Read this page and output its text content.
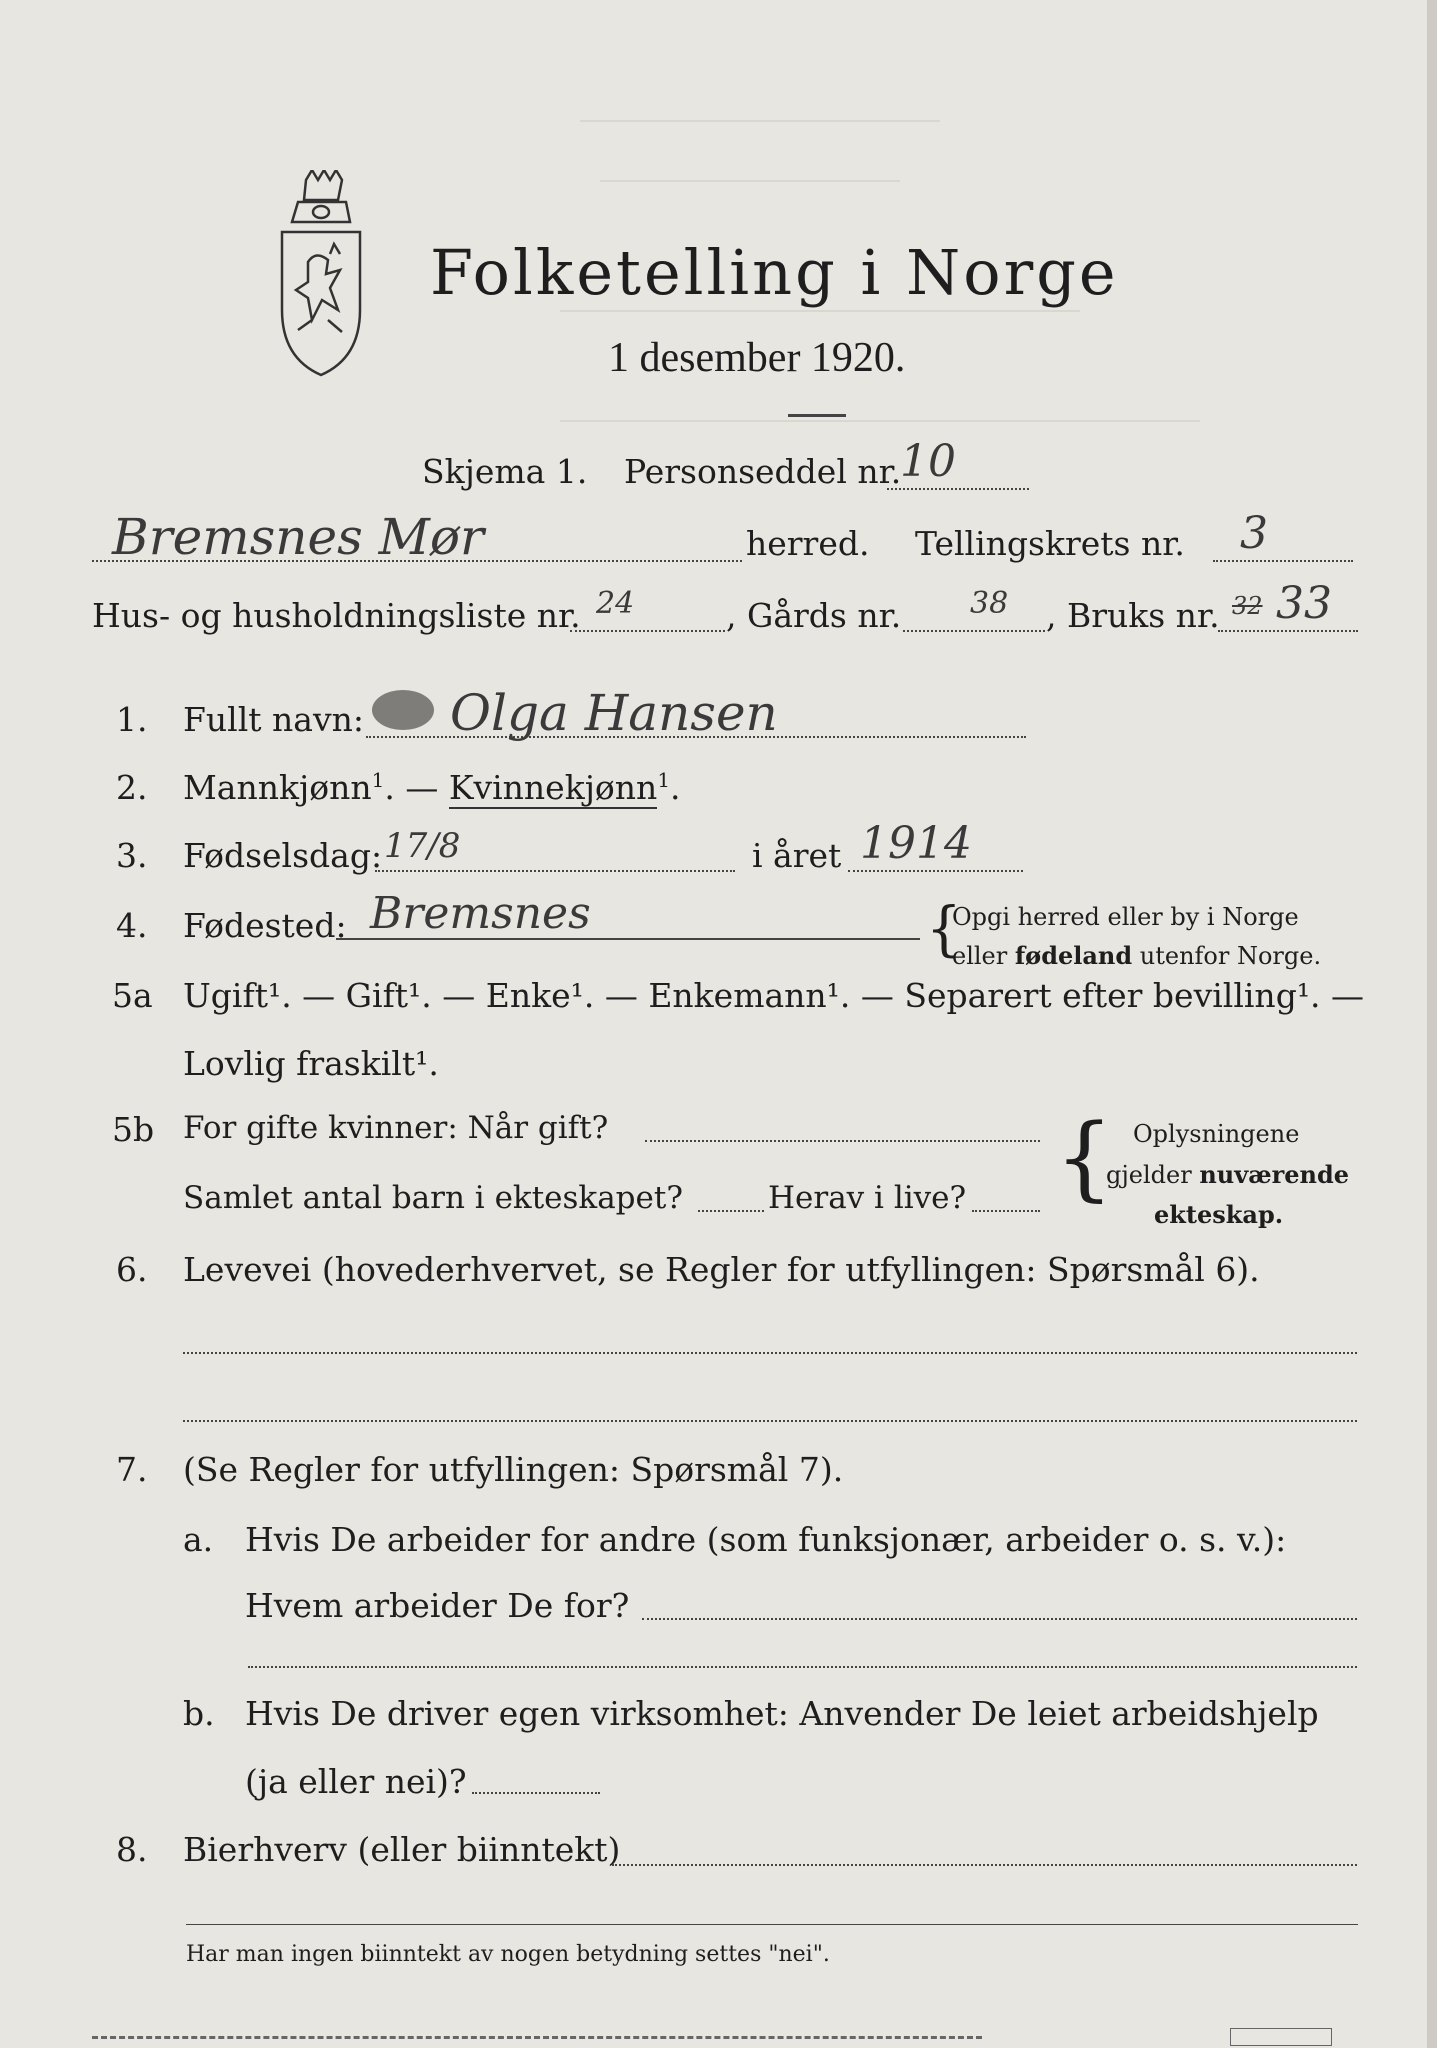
Folketelling i Norge
1 desember 1920.
Skjema 1. Personseddel nr.
10
Bremsnes Mør	herred. Tellingskrets nr. 3
Hus- og husholdningsliste nr. 24	, Gårds nr. 38 , Bruks nr. 32 33
1. Fullt navn: Olga Hansen
2. Mannkjønn$^1$. — Kvinnekjønn$^1$.
3. Fødselsdag: 17/8	i året 1914
4. Fødested: Bremsnes	{
Opgi herred eller by i Norge
eller fødeland utenfor Norge.
5a Ugift¹. — Gift¹. — Enke¹. — Enkemann¹. — Separert efter bevilling¹. —
Lovlig fraskilt¹.
5b For gifte kvinner: Når gift?
Samlet antal barn i ekteskapet?	Herav i live? { Oplysningene
gjelder nuværende
ekteskap.
6. Levevei (hovederhvervet, se Regler for utfyllingen: Spørsmål 6).
7. (Se Regler for utfyllingen: Spørsmål 7).
a. Hvis De arbeider for andre (som funksjonær, arbeider o. s. v.):
Hvem arbeider De for?
b. Hvis De driver egen virksomhet: Anvender De leiet arbeidshjelp
(ja eller nei)?
8. Bierhverv (eller biinntekt)
Har man ingen biinntekt av nogen betydning settes "nei".
